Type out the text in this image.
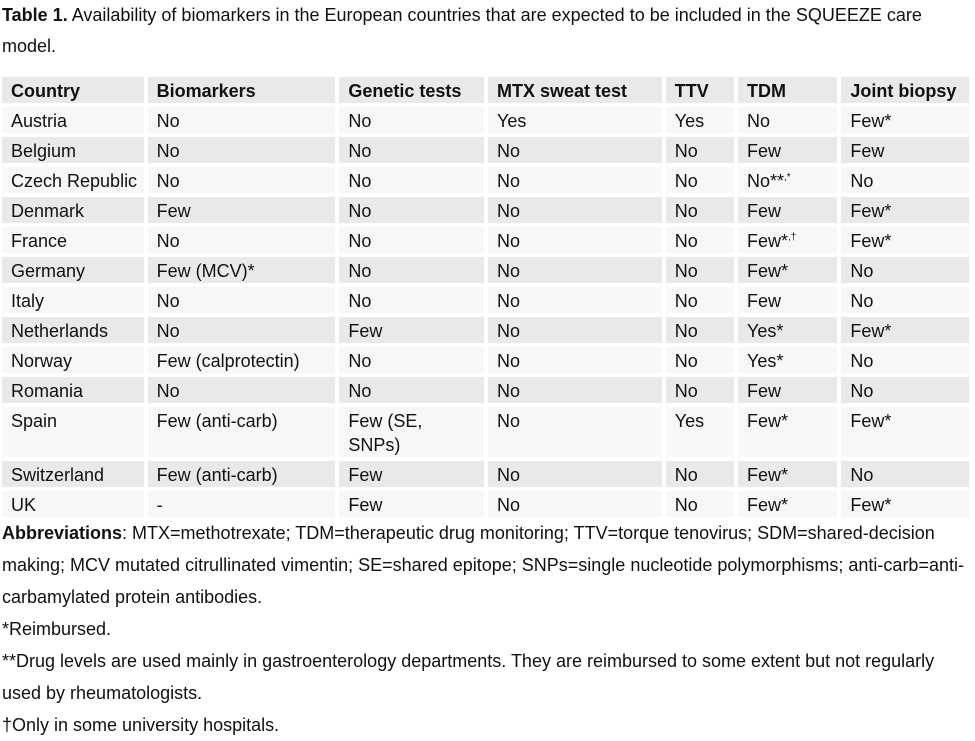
Table 1. Availability of biomarkers in the European countries that are expected to be included in the SQUEEZE care model.
Country	Biomarkers	Genetic tests	MTX sweat test	TTV	TDM	Joint biopsy
Austria	No	No	Yes	Yes	No	Few*
Belgium	No	No	No	No	Few	Few
Czech Republic	No	No	No	No	No**,*	No
Denmark	Few	No	No	No	Few	Few*
France	No	No	No	No	Few*,†	Few*
Germany	Few (MCV)*	No	No	No	Few*	No
Italy	No	No	No	No	Few	No
Netherlands	No	Few	No	No	Yes*	Few*
Norway	Few (calprotectin)	No	No	No	Yes*	No
Romania	No	No	No	No	Few	No
Spain	Few (anti-carb)	Few (SE, SNPs)	No	Yes	Few*	Few*
Switzerland	Few (anti-carb)	Few	No	No	Few*	No
UK	-	Few	No	No	Few*	Few*

Abbreviations: MTX=methotrexate; TDM=therapeutic drug monitoring; TTV=torque tenovirus; SDM=shared-decision making; MCV mutated citrullinated vimentin; SE=shared epitope; SNPs=single nucleotide polymorphisms; anti-carb=anti-carbamylated protein antibodies.

*Reimbursed.

**Drug levels are used mainly in gastroenterology departments. They are reimbursed to some extent but not regularly used by rheumatologists.

†Only in some university hospitals.
